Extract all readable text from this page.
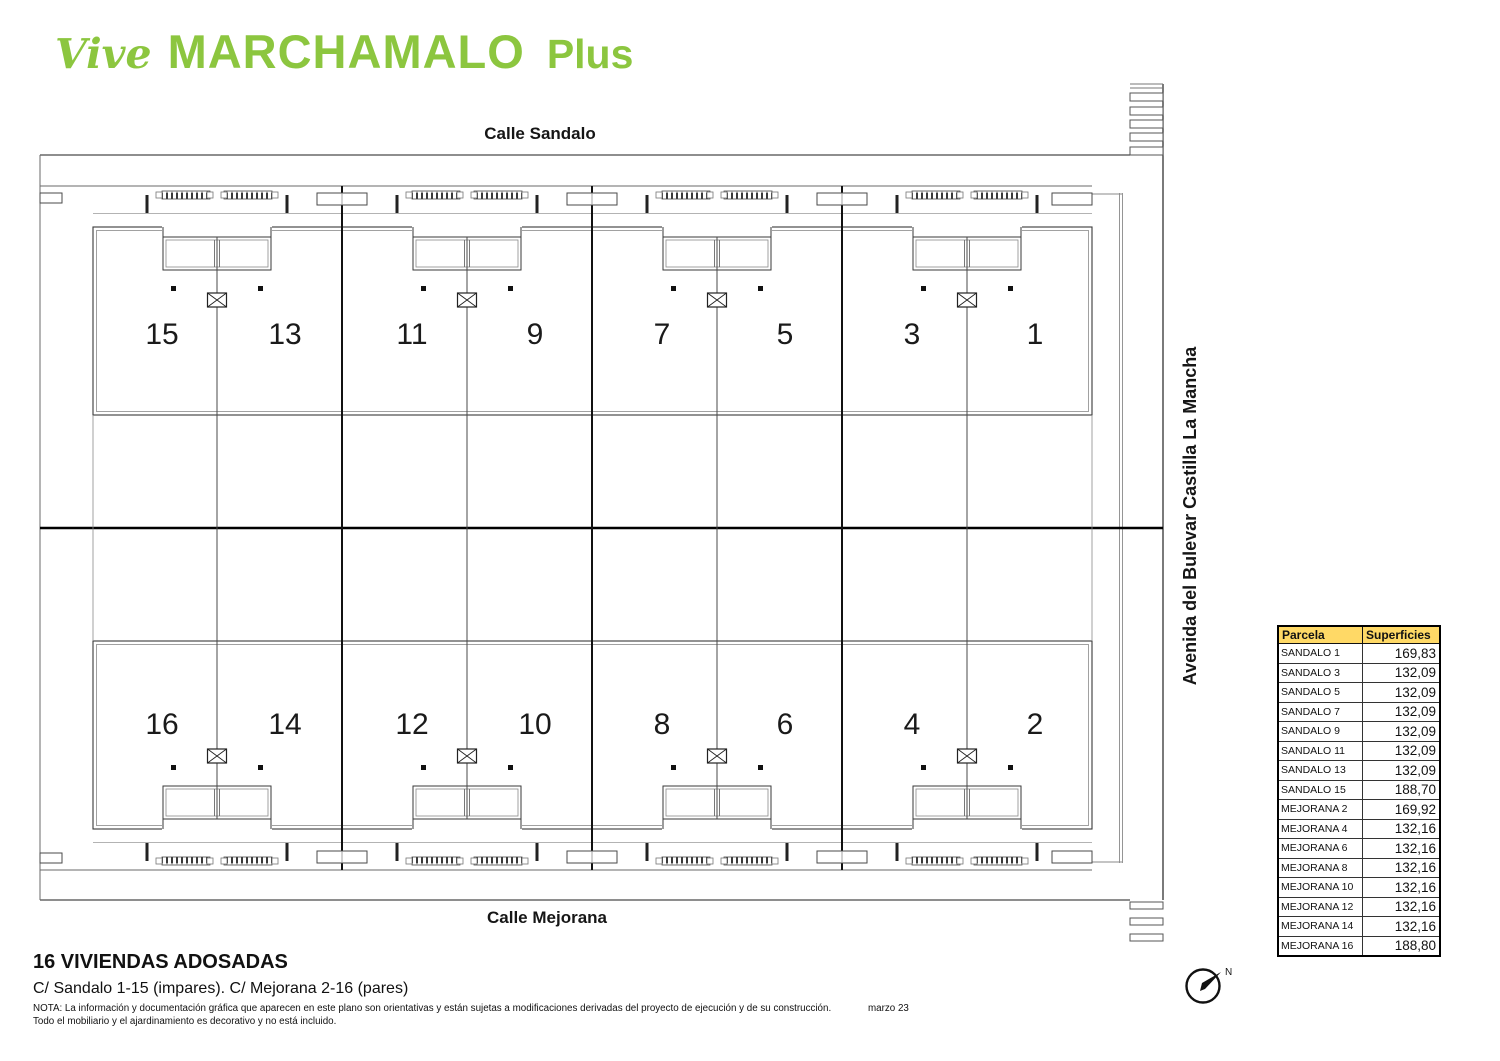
Vive MARCHAMALO Plus
15	13	11	9	7	5	3	1
16	14	12	10	8	6	4	2
Calle Sandalo
Calle Mejorana
Avenida del Bulevar Castilla La Mancha
N
Parcela	Superficies
SANDALO 1	169,83
SANDALO 3	132,09
SANDALO 5	132,09
SANDALO 7	132,09
SANDALO 9	132,09
SANDALO 11	132,09
SANDALO 13	132,09
SANDALO 15	188,70
MEJORANA 2	169,92
MEJORANA 4	132,16
MEJORANA 6	132,16
MEJORANA 8	132,16
MEJORANA 10	132,16
MEJORANA 12	132,16
MEJORANA 14	132,16
MEJORANA 16	188,80
16 VIVIENDAS ADOSADAS
C/ Sandalo 1-15 (impares). C/ Mejorana 2-16 (pares)
NOTA: La información y documentación gráfica que aparecen en este plano son orientativas y están sujetas a modificaciones derivadas del proyecto de ejecución y de su construcción.	marzo 23
Todo el mobiliario y el ajardinamiento es decorativo y no está incluido.
